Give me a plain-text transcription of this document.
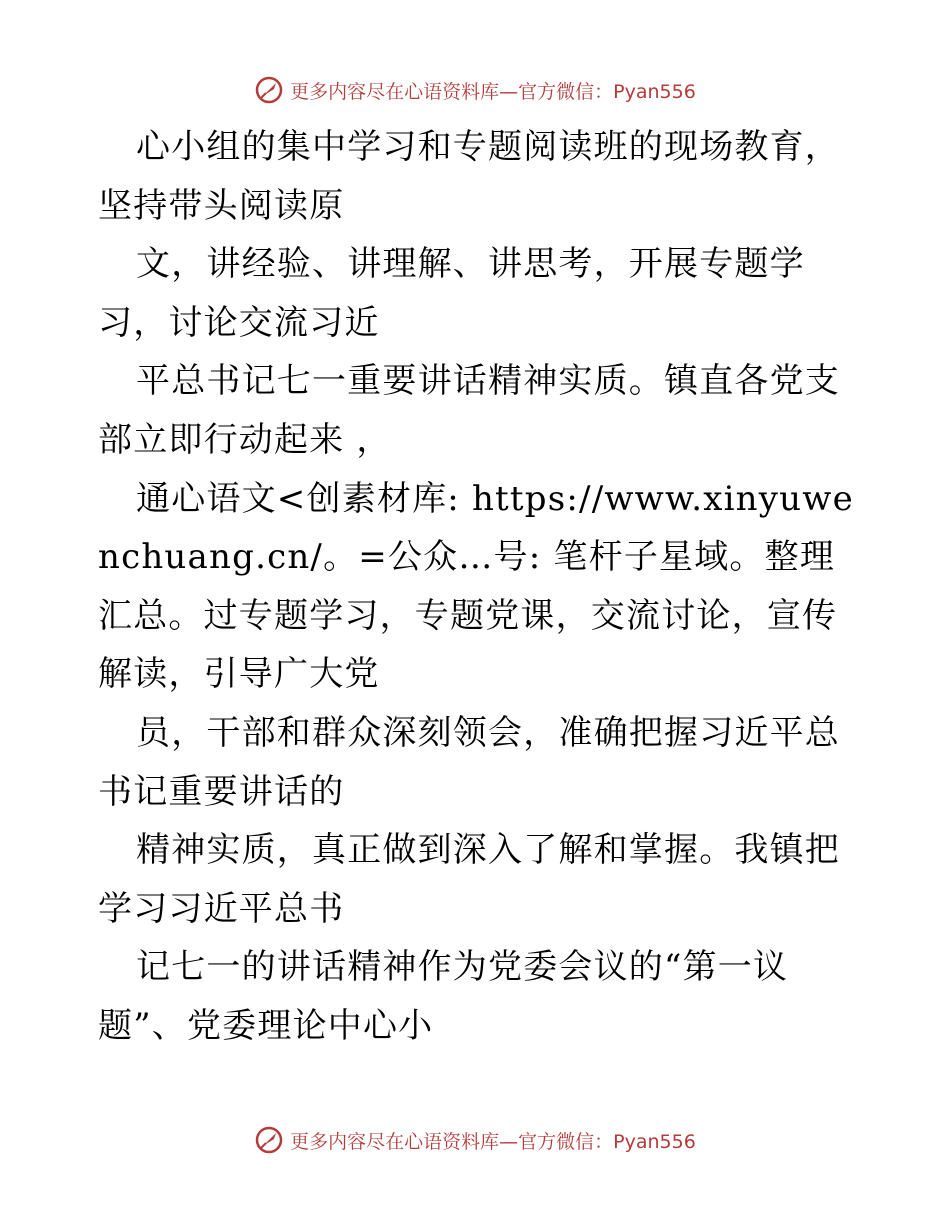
更多内容尽在心语资料库—官方微信：Pyan556

心小组的集中学习和专题阅读班的现场教育，坚持带头阅读原

文，讲经验、讲理解、讲思考，开展专题学习，讨论交流习近

平总书记七一重要讲话精神实质。镇直各党支部立即行动起来 ，

通心语文<创素材库: https://www.xinyuwenchuang.cn/。=公众…号: 笔杆子星域。整理汇总。过专题学习，专题党课，交流讨论，宣传解读，引导广大党

员，干部和群众深刻领会，准确把握习近平总书记重要讲话的

精神实质，真正做到深入了解和掌握。我镇把学习习近平总书

记七一的讲话精神作为党委会议的“第一议题”、党委理论中心小

更多内容尽在心语资料库—官方微信：Pyan556
